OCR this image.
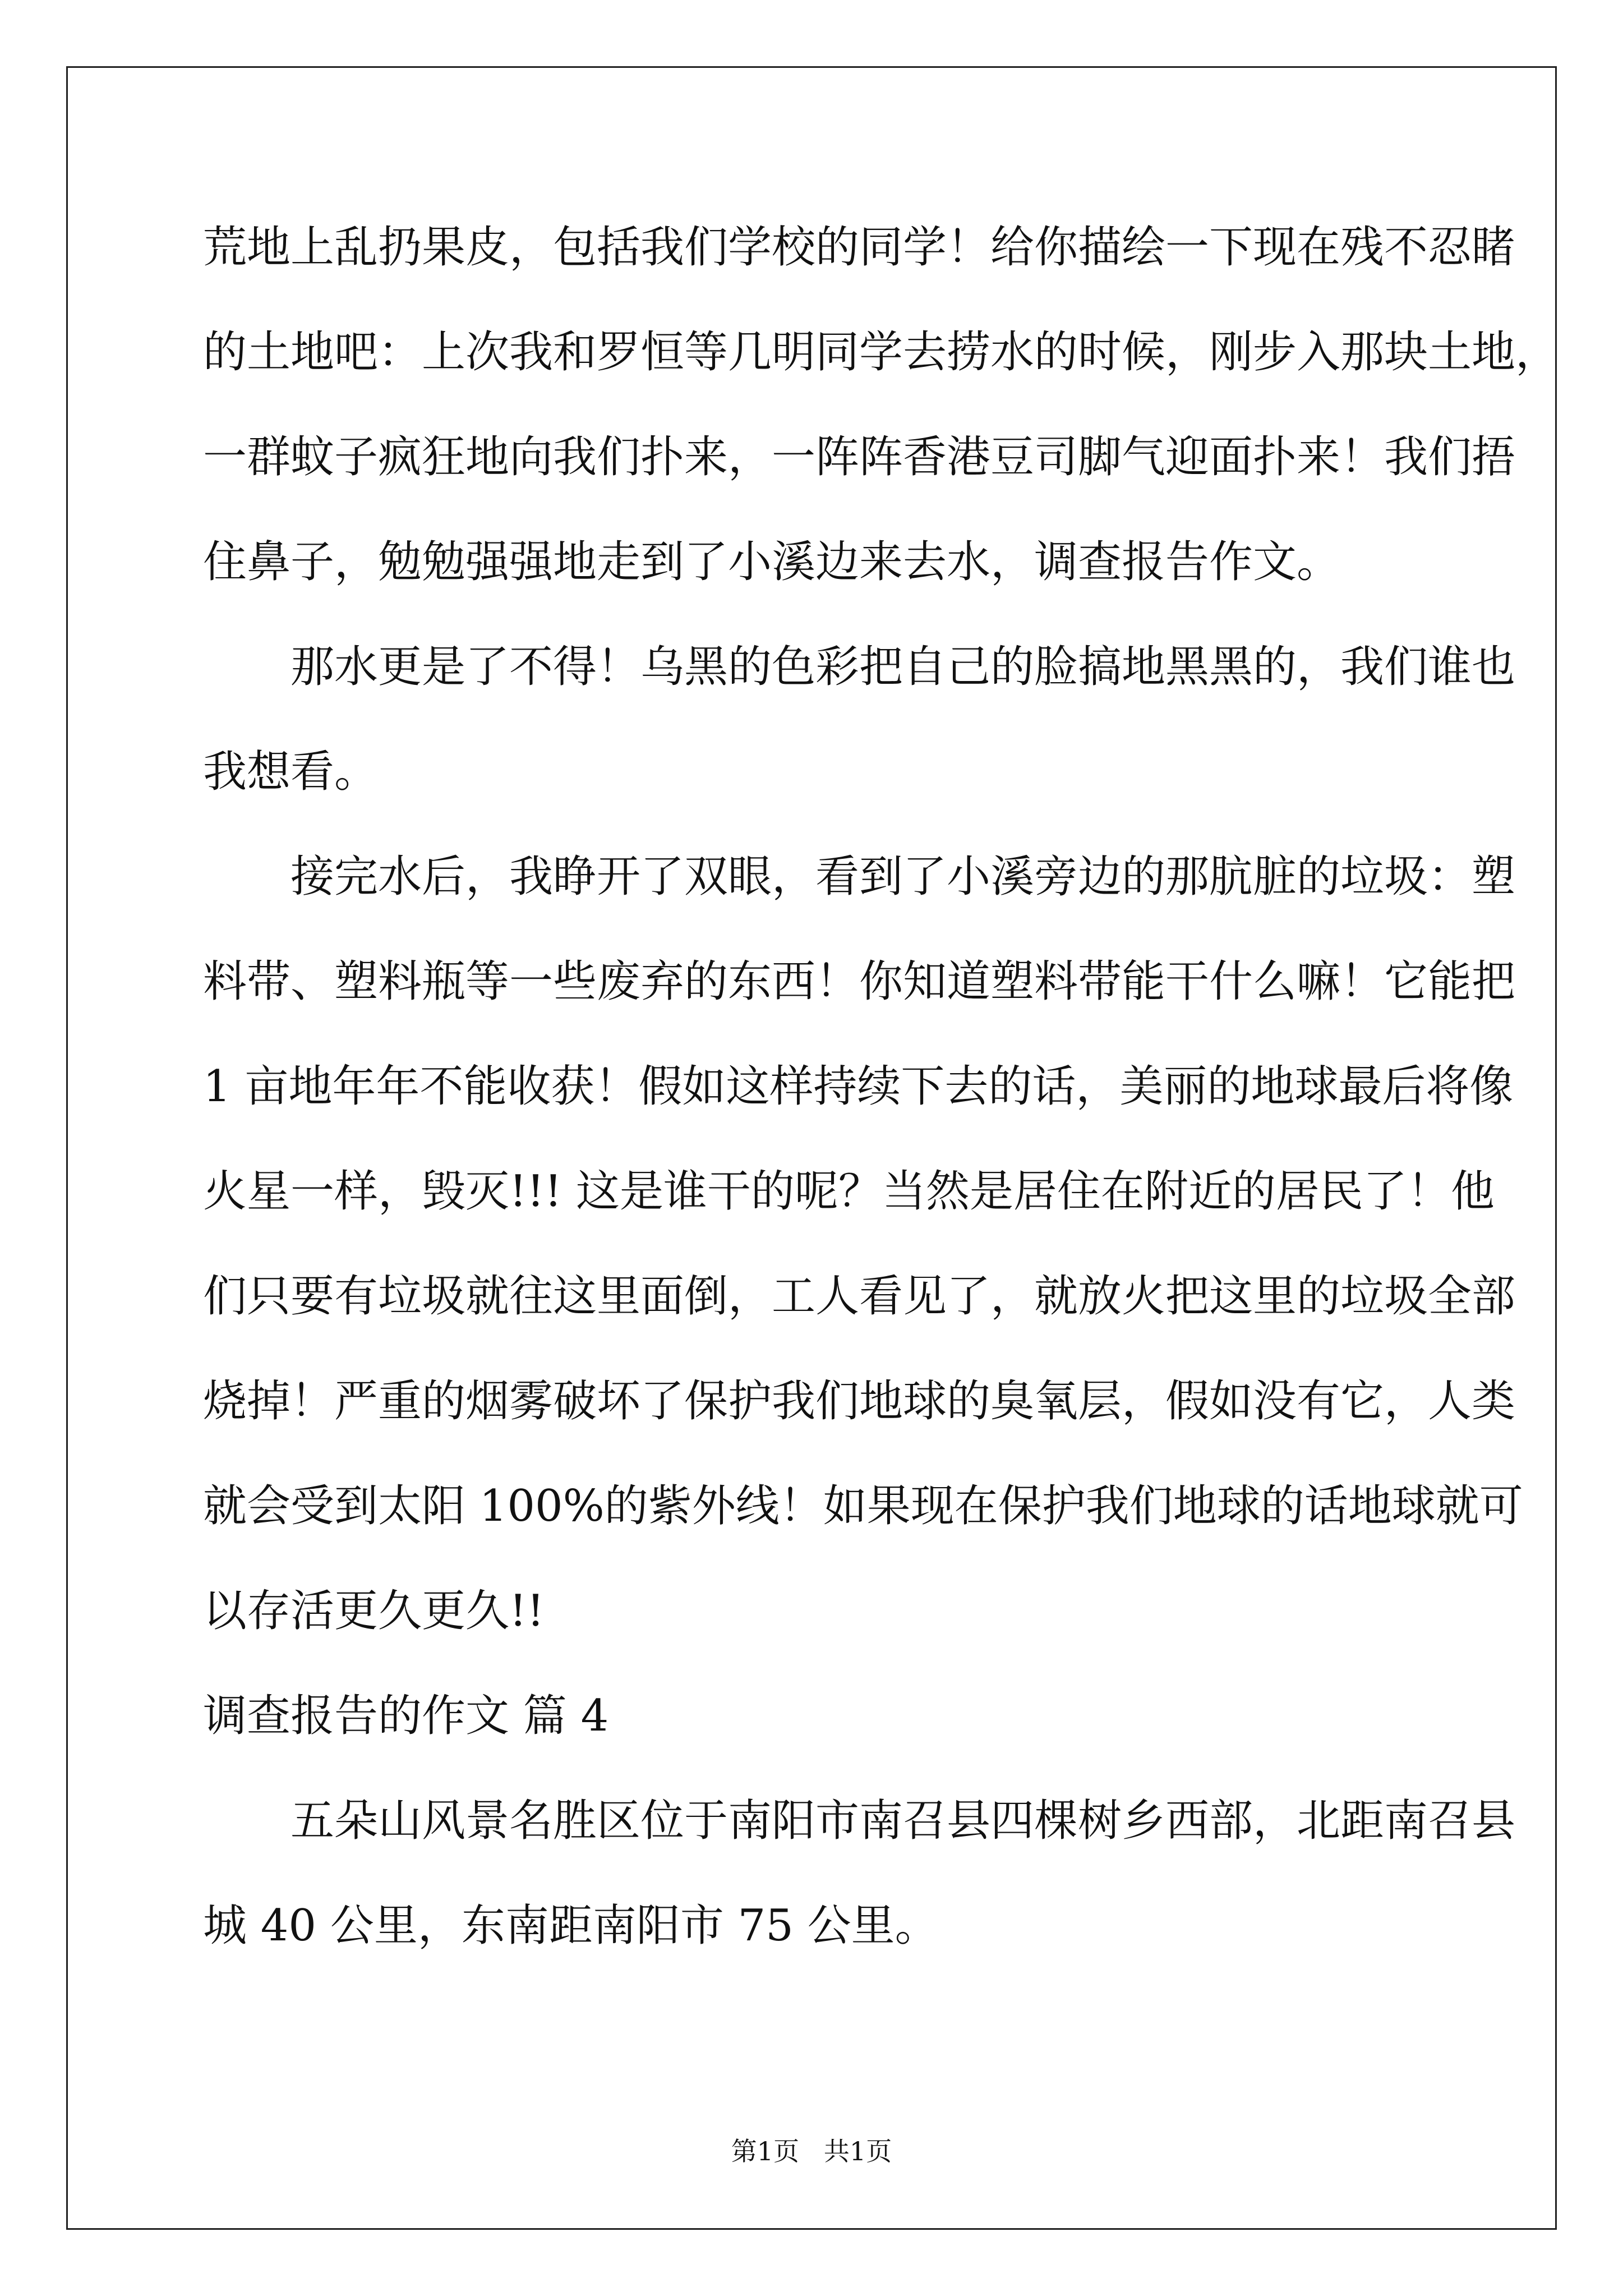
荒地上乱扔果皮，包括我们学校的同学！给你描绘一下现在残不忍睹
的土地吧：上次我和罗恒等几明同学去捞水的时候，刚步入那块土地，
一群蚊子疯狂地向我们扑来，一阵阵香港豆司脚气迎面扑来！我们捂
住鼻子，勉勉强强地走到了小溪边来去水，调查报告作文。
　　那水更是了不得！乌黑的色彩把自己的脸搞地黑黑的，我们谁也
我想看。
　　接完水后，我睁开了双眼，看到了小溪旁边的那肮脏的垃圾：塑
料带、塑料瓶等一些废弃的东西！你知道塑料带能干什么嘛！它能把
1 亩地年年不能收获！假如这样持续下去的话，美丽的地球最后将像
火星一样，毁灭!!! 这是谁干的呢？当然是居住在附近的居民了！他
们只要有垃圾就往这里面倒，工人看见了，就放火把这里的垃圾全部
烧掉！严重的烟雾破坏了保护我们地球的臭氧层，假如没有它，人类
就会受到太阳 100%的紫外线！如果现在保护我们地球的话地球就可
以存活更久更久!!
调查报告的作文 篇 4
　　五朵山风景名胜区位于南阳市南召县四棵树乡西部，北距南召县
城 40 公里，东南距南阳市 75 公里。
第1页   共1页
